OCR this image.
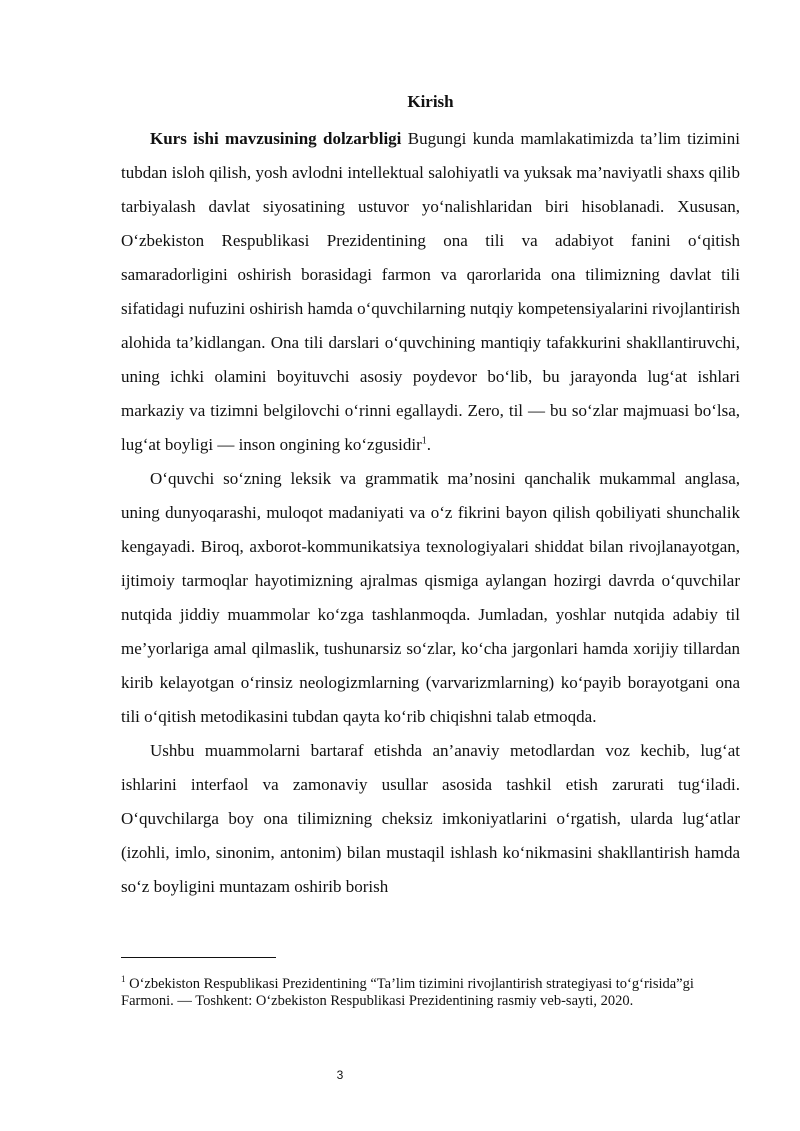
Kirish

Kurs ishi mavzusining dolzarbligi Bugungi kunda mamlakatimizda ta’lim tizimini tubdan isloh qilish, yosh avlodni intellektual salohiyatli va yuksak ma’naviyatli shaxs qilib tarbiyalash davlat siyosatining ustuvor yo‘nalishlaridan biri hisoblanadi. Xususan, O‘zbekiston Respublikasi Prezidentining ona tili va adabiyot fanini o‘qitish samaradorligini oshirish borasidagi farmon va qarorlarida ona tilimizning davlat tili sifatidagi nufuzini oshirish hamda o‘quvchilarning nutqiy kompetensiyalarini rivojlantirish alohida ta’kidlangan. Ona tili darslari o‘quvchining mantiqiy tafakkurini shakllantiruvchi, uning ichki olamini boyituvchi asosiy poydevor bo‘lib, bu jarayonda lug‘at ishlari markaziy va tizimni belgilovchi o‘rinni egallaydi. Zero, til — bu so‘zlar majmuasi bo‘lsa, lug‘at boyligi — inson ongining ko‘zgusidir$^1$.

O‘quvchi so‘zning leksik va grammatik ma’nosini qanchalik mukammal anglasa, uning dunyoqarashi, muloqot madaniyati va o‘z fikrini bayon qilish qobiliyati shunchalik kengayadi. Biroq, axborot-kommunikatsiya texnologiyalari shiddat bilan rivojlanayotgan, ijtimoiy tarmoqlar hayotimizning ajralmas qismiga aylangan hozirgi davrda o‘quvchilar nutqida jiddiy muammolar ko‘zga tashlanmoqda. Jumladan, yoshlar nutqida adabiy til me’yorlariga amal qilmaslik, tushunarsiz so‘zlar, ko‘cha jargonlari hamda xorijiy tillardan kirib kelayotgan o‘rinsiz neologizmlarning (varvarizmlarning) ko‘payib borayotgani ona tili o‘qitish metodikasini tubdan qayta ko‘rib chiqishni talab etmoqda.

Ushbu muammolarni bartaraf etishda an’anaviy metodlardan voz kechib, lug‘at ishlarini interfaol va zamonaviy usullar asosida tashkil etish zarurati tug‘iladi. O‘quvchilarga boy ona tilimizning cheksiz imkoniyatlarini o‘rgatish, ularda lug‘atlar (izohli, imlo, sinonim, antonim) bilan mustaqil ishlash ko‘nikmasini shakllantirish hamda so‘z boyligini muntazam oshirib borish

$^1$ O‘zbekiston Respublikasi Prezidentining “Ta’lim tizimini rivojlantirish strategiyasi to‘g‘risida”gi Farmoni. — Toshkent: O‘zbekiston Respublikasi Prezidentining rasmiy veb-sayti, 2020.

3
